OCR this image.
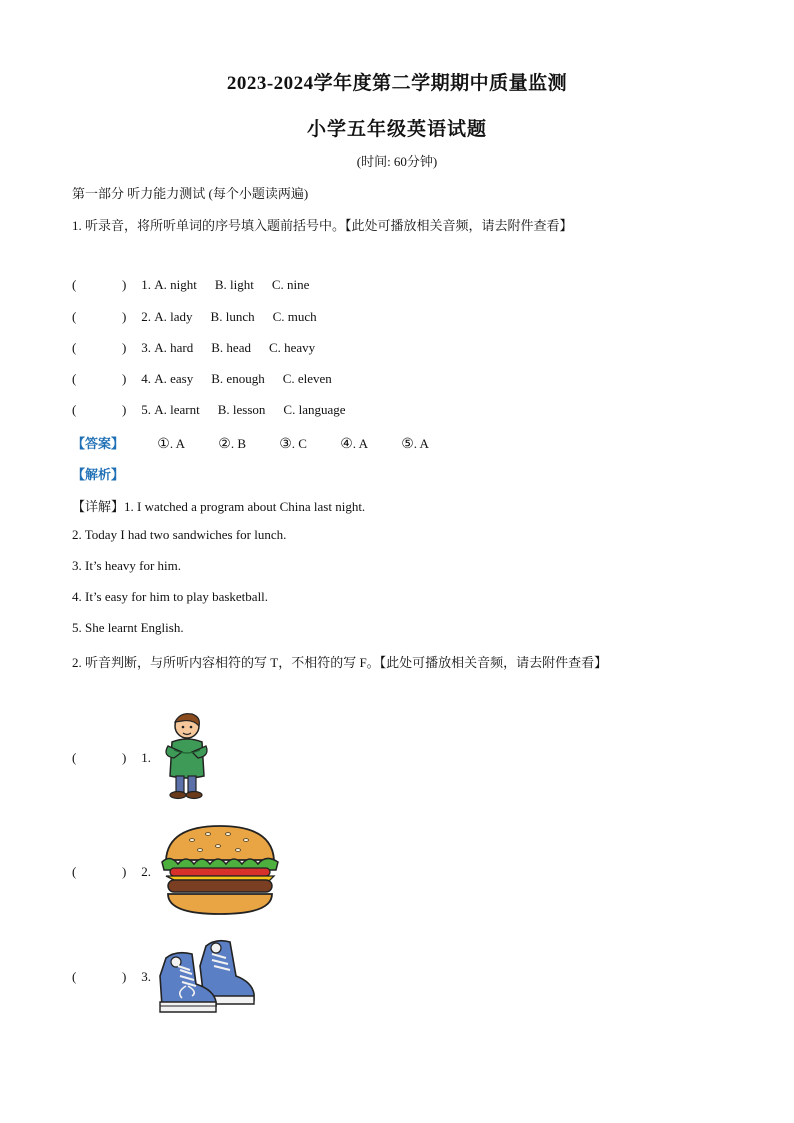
2023-2024学年度第二学期期中质量监测
小学五年级英语试题
(时间: 60分钟)
第一部分 听力能力测试 (每个小题读两遍)
1. 听录音，将所听单词的序号填入题前括号中。【此处可播放相关音频，请去附件查看】
(	) 1. A. night B. light C. nine
(	) 2. A. lady B. lunch C. much
(	) 3. A. hard B. head C. heavy
(	) 4. A. easy B. enough C. eleven
(	) 5. A. learnt B. lesson C. language
【答案】 ①. A ②. B ③. C ④. A ⑤. A
【解析】
【详解】1. I watched a program about China last night.
2. Today I had two sandwiches for lunch.
3. It’s heavy for him.
4. It’s easy for him to play basketball.
5. She learnt English.
2. 听音判断，与所听内容相符的写 T，不相符的写 F。【此处可播放相关音频，请去附件查看】
(	) 1.
(	) 2.
(	) 3.
